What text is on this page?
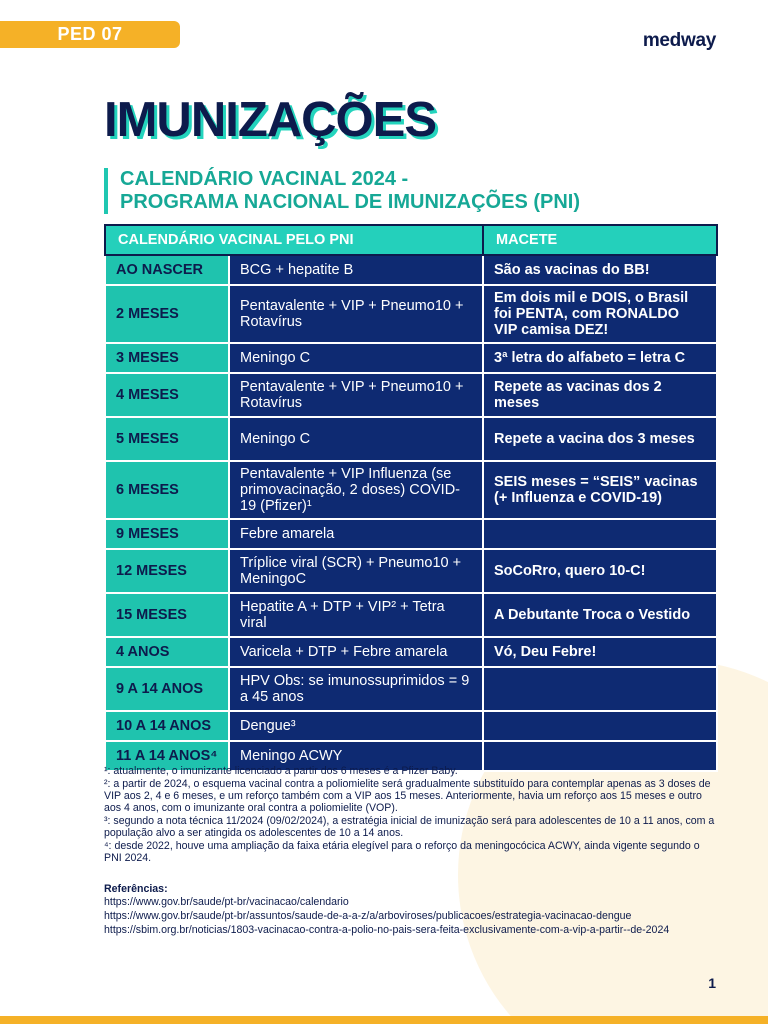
PED 07	medway
IMUNIZAÇÕES
CALENDÁRIO VACINAL 2024 -
PROGRAMA NACIONAL DE IMUNIZAÇÕES (PNI)
CALENDÁRIO VACINAL PELO PNI		MACETE
AO NASCER	BCG + hepatite B	São as vacinas do BB!
2 MESES	Pentavalente + VIP + Pneumo10 + Rotavírus	Em dois mil e DOIS, o Brasil foi PENTA, com RONALDO VIP camisa DEZ!
3 MESES	Meningo C	3ª letra do alfabeto = letra C
4 MESES	Pentavalente + VIP + Pneumo10 + Rotavírus	Repete as vacinas dos 2 meses
5 MESES	Meningo C	Repete a vacina dos 3 meses
6 MESES	Pentavalente + VIP Influenza (se primovacinação, 2 doses) COVID-19 (Pfizer)¹	SEIS meses = “SEIS” vacinas (+ Influenza e COVID-19)
9 MESES	Febre amarela	
12 MESES	Tríplice viral (SCR) + Pneumo10 + MeningoC	SoCoRro, quero 10-C!
15 MESES	Hepatite A + DTP + VIP² + Tetra viral	A Debutante Troca o Vestido
4 ANOS	Varicela + DTP + Febre amarela	Vó, Deu Febre!
9 A 14 ANOS	HPV Obs: se imunossuprimidos = 9 a 45 anos	
10 A 14 ANOS	Dengue³	
11 A 14 ANOS⁴	Meningo ACWY	

¹: atualmente, o imunizante licenciado a partir dos 6 meses é a Pfizer Baby.

²: a partir de 2024, o esquema vacinal contra a poliomielite será gradualmente substituído para contemplar apenas as 3 doses de VIP aos 2, 4 e 6 meses, e um reforço também com a VIP aos 15 meses. Anteriormente, havia um reforço aos 15 meses e outro aos 4 anos, com o imunizante oral contra a poliomielite (VOP).

³: segundo a nota técnica 11/2024 (09/02/2024), a estratégia inicial de imunização será para adolescentes de 10 a 11 anos, com a população alvo a ser atingida os adolescentes de 10 a 14 anos.

⁴: desde 2022, houve uma ampliação da faixa etária elegível para o reforço da meningocócica ACWY, ainda vigente segundo o PNI 2024.

Referências:
https://www.gov.br/saude/pt-br/vacinacao/calendario
https://www.gov.br/saude/pt-br/assuntos/saude-de-a-a-z/a/arboviroses/publicacoes/estrategia-vacinacao-dengue
https://sbim.org.br/noticias/1803-vacinacao-contra-a-polio-no-pais-sera-feita-exclusivamente-com-a-vip-a-partir--de-2024
1
